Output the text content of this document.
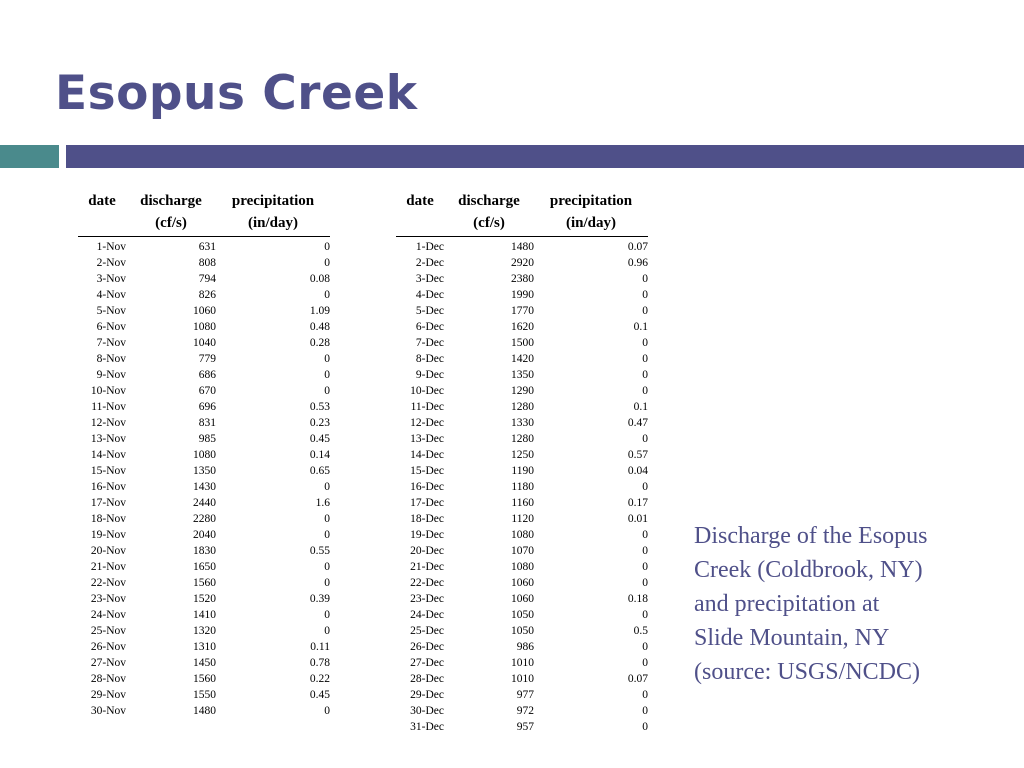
Esopus Creek
date	discharge	precipitation
	(cf/s)	(in/day)
1-Nov	631	0
2-Nov	808	0
3-Nov	794	0.08
4-Nov	826	0
5-Nov	1060	1.09
6-Nov	1080	0.48
7-Nov	1040	0.28
8-Nov	779	0
9-Nov	686	0
10-Nov	670	0
11-Nov	696	0.53
12-Nov	831	0.23
13-Nov	985	0.45
14-Nov	1080	0.14
15-Nov	1350	0.65
16-Nov	1430	0
17-Nov	2440	1.6
18-Nov	2280	0
19-Nov	2040	0
20-Nov	1830	0.55
21-Nov	1650	0
22-Nov	1560	0
23-Nov	1520	0.39
24-Nov	1410	0
25-Nov	1320	0
26-Nov	1310	0.11
27-Nov	1450	0.78
28-Nov	1560	0.22
29-Nov	1550	0.45
30-Nov	1480	0
date	discharge	precipitation
	(cf/s)	(in/day)
1-Dec	1480	0.07
2-Dec	2920	0.96
3-Dec	2380	0
4-Dec	1990	0
5-Dec	1770	0
6-Dec	1620	0.1
7-Dec	1500	0
8-Dec	1420	0
9-Dec	1350	0
10-Dec	1290	0
11-Dec	1280	0.1
12-Dec	1330	0.47
13-Dec	1280	0
14-Dec	1250	0.57
15-Dec	1190	0.04
16-Dec	1180	0
17-Dec	1160	0.17
18-Dec	1120	0.01
19-Dec	1080	0
20-Dec	1070	0
21-Dec	1080	0
22-Dec	1060	0
23-Dec	1060	0.18
24-Dec	1050	0
25-Dec	1050	0.5
26-Dec	986	0
27-Dec	1010	0
28-Dec	1010	0.07
29-Dec	977	0
30-Dec	972	0
31-Dec	957	0

Discharge of the Esopus
Creek (Coldbrook, NY)
and precipitation at
Slide Mountain, NY
(source: USGS/NCDC)
